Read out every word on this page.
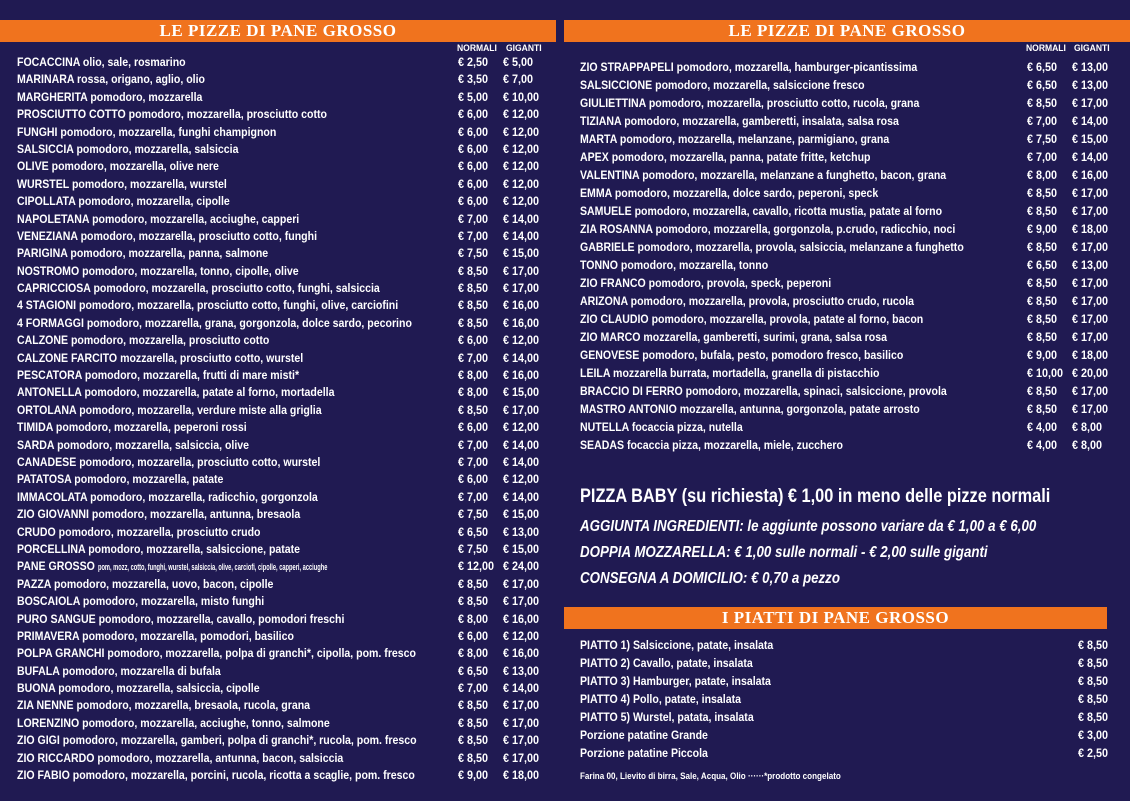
LE PIZZE DI PANE GROSSO
NORMALI GIGANTI
FOCACCINA olio, sale, rosmarino	€ 2,50 € 5,00
MARINARA rossa, origano, aglio, olio	€ 3,50 € 7,00
MARGHERITA pomodoro, mozzarella	€ 5,00 € 10,00
PROSCIUTTO COTTO pomodoro, mozzarella, prosciutto cotto	€ 6,00 € 12,00
FUNGHI pomodoro, mozzarella, funghi champignon	€ 6,00 € 12,00
SALSICCIA pomodoro, mozzarella, salsiccia	€ 6,00 € 12,00
OLIVE pomodoro, mozzarella, olive nere	€ 6,00 € 12,00
WURSTEL pomodoro, mozzarella, wurstel	€ 6,00 € 12,00
CIPOLLATA pomodoro, mozzarella, cipolle	€ 6,00 € 12,00
NAPOLETANA pomodoro, mozzarella, acciughe, capperi	€ 7,00 € 14,00
VENEZIANA pomodoro, mozzarella, prosciutto cotto, funghi	€ 7,00 € 14,00
PARIGINA pomodoro, mozzarella, panna, salmone	€ 7,50 € 15,00
NOSTROMO pomodoro, mozzarella, tonno, cipolle, olive	€ 8,50 € 17,00
CAPRICCIOSA pomodoro, mozzarella, prosciutto cotto, funghi, salsiccia	€ 8,50 € 17,00
4 STAGIONI pomodoro, mozzarella, prosciutto cotto, funghi, olive, carciofini	€ 8,50 € 16,00
4 FORMAGGI pomodoro, mozzarella, grana, gorgonzola, dolce sardo, pecorino	€ 8,50 € 16,00
CALZONE pomodoro, mozzarella, prosciutto cotto	€ 6,00 € 12,00
CALZONE FARCITO mozzarella, prosciutto cotto, wurstel	€ 7,00 € 14,00
PESCATORA pomodoro, mozzarella, frutti di mare misti*	€ 8,00 € 16,00
ANTONELLA pomodoro, mozzarella, patate al forno, mortadella	€ 8,00 € 15,00
ORTOLANA pomodoro, mozzarella, verdure miste alla griglia	€ 8,50 € 17,00
TIMIDA pomodoro, mozzarella, peperoni rossi	€ 6,00 € 12,00
SARDA pomodoro, mozzarella, salsiccia, olive	€ 7,00 € 14,00
CANADESE pomodoro, mozzarella, prosciutto cotto, wurstel	€ 7,00 € 14,00
PATATOSA pomodoro, mozzarella, patate	€ 6,00 € 12,00
IMMACOLATA pomodoro, mozzarella, radicchio, gorgonzola	€ 7,00 € 14,00
ZIO GIOVANNI pomodoro, mozzarella, antunna, bresaola	€ 7,50 € 15,00
CRUDO pomodoro, mozzarella, prosciutto crudo	€ 6,50 € 13,00
PORCELLINA pomodoro, mozzarella, salsiccione, patate	€ 7,50 € 15,00
PANE GROSSO pom, mozz, cotto, funghi, wurstel, salsiccia, olive, carciofi, cipolle, capperi, acciughe	€ 12,00 € 24,00
PAZZA pomodoro, mozzarella, uovo, bacon, cipolle	€ 8,50 € 17,00
BOSCAIOLA pomodoro, mozzarella, misto funghi	€ 8,50 € 17,00
PURO SANGUE pomodoro, mozzarella, cavallo, pomodori freschi	€ 8,00 € 16,00
PRIMAVERA pomodoro, mozzarella, pomodori, basilico	€ 6,00 € 12,00
POLPA GRANCHI pomodoro, mozzarella, polpa di granchi*, cipolla, pom. fresco	€ 8,00 € 16,00
BUFALA pomodoro, mozzarella di bufala	€ 6,50 € 13,00
BUONA pomodoro, mozzarella, salsiccia, cipolle	€ 7,00 € 14,00
ZIA NENNE pomodoro, mozzarella, bresaola, rucola, grana	€ 8,50 € 17,00
LORENZINO pomodoro, mozzarella, acciughe, tonno, salmone	€ 8,50 € 17,00
ZIO GIGI pomodoro, mozzarella, gamberi, polpa di granchi*, rucola, pom. fresco	€ 8,50 € 17,00
ZIO RICCARDO pomodoro, mozzarella, antunna, bacon, salsiccia	€ 8,50 € 17,00
ZIO FABIO pomodoro, mozzarella, porcini, rucola, ricotta a scaglie, pom. fresco	€ 9,00 € 18,00
LE PIZZE DI PANE GROSSO
NORMALI GIGANTI
ZIO STRAPPAPELI pomodoro, mozzarella, hamburger-picantissima	€ 6,50 € 13,00
SALSICCIONE pomodoro, mozzarella, salsiccione fresco	€ 6,50 € 13,00
GIULIETTINA pomodoro, mozzarella, prosciutto cotto, rucola, grana	€ 8,50 € 17,00
TIZIANA pomodoro, mozzarella, gamberetti, insalata, salsa rosa	€ 7,00 € 14,00
MARTA pomodoro, mozzarella, melanzane, parmigiano, grana	€ 7,50 € 15,00
APEX pomodoro, mozzarella, panna, patate fritte, ketchup	€ 7,00 € 14,00
VALENTINA pomodoro, mozzarella, melanzane a funghetto, bacon, grana	€ 8,00 € 16,00
EMMA pomodoro, mozzarella, dolce sardo, peperoni, speck	€ 8,50 € 17,00
SAMUELE pomodoro, mozzarella, cavallo, ricotta mustia, patate al forno	€ 8,50 € 17,00
ZIA ROSANNA pomodoro, mozzarella, gorgonzola, p.crudo, radicchio, noci	€ 9,00 € 18,00
GABRIELE pomodoro, mozzarella, provola, salsiccia, melanzane a funghetto	€ 8,50 € 17,00
TONNO pomodoro, mozzarella, tonno	€ 6,50 € 13,00
ZIO FRANCO pomodoro, provola, speck, peperoni	€ 8,50 € 17,00
ARIZONA pomodoro, mozzarella, provola, prosciutto crudo, rucola	€ 8,50 € 17,00
ZIO CLAUDIO pomodoro, mozzarella, provola, patate al forno, bacon	€ 8,50 € 17,00
ZIO MARCO mozzarella, gamberetti, surimi, grana, salsa rosa	€ 8,50 € 17,00
GENOVESE pomodoro, bufala, pesto, pomodoro fresco, basilico	€ 9,00 € 18,00
LEILA mozzarella burrata, mortadella, granella di pistacchio	€ 10,00 € 20,00
BRACCIO DI FERRO pomodoro, mozzarella, spinaci, salsiccione, provola	€ 8,50 € 17,00
MASTRO ANTONIO mozzarella, antunna, gorgonzola, patate arrosto	€ 8,50 € 17,00
NUTELLA focaccia pizza, nutella	€ 4,00 € 8,00
SEADAS focaccia pizza, mozzarella, miele, zucchero	€ 4,00 € 8,00
PIZZA BABY (su richiesta) € 1,00 in meno delle pizze normali
AGGIUNTA INGREDIENTI: le aggiunte possono variare da € 1,00 a € 6,00
DOPPIA MOZZARELLA: € 1,00 sulle normali - € 2,00 sulle giganti
CONSEGNA A DOMICILIO: € 0,70 a pezzo
I PIATTI DI PANE GROSSO
PIATTO 1) Salsiccione, patate, insalata	€ 8,50
PIATTO 2) Cavallo, patate, insalata	€ 8,50
PIATTO 3) Hamburger, patate, insalata	€ 8,50
PIATTO 4) Pollo, patate, insalata	€ 8,50
PIATTO 5) Wurstel, patata, insalata	€ 8,50
Porzione patatine Grande	€ 3,00
Porzione patatine Piccola	€ 2,50
Farina 00, Lievito di birra, Sale, Acqua, Olio ······*prodotto congelato
